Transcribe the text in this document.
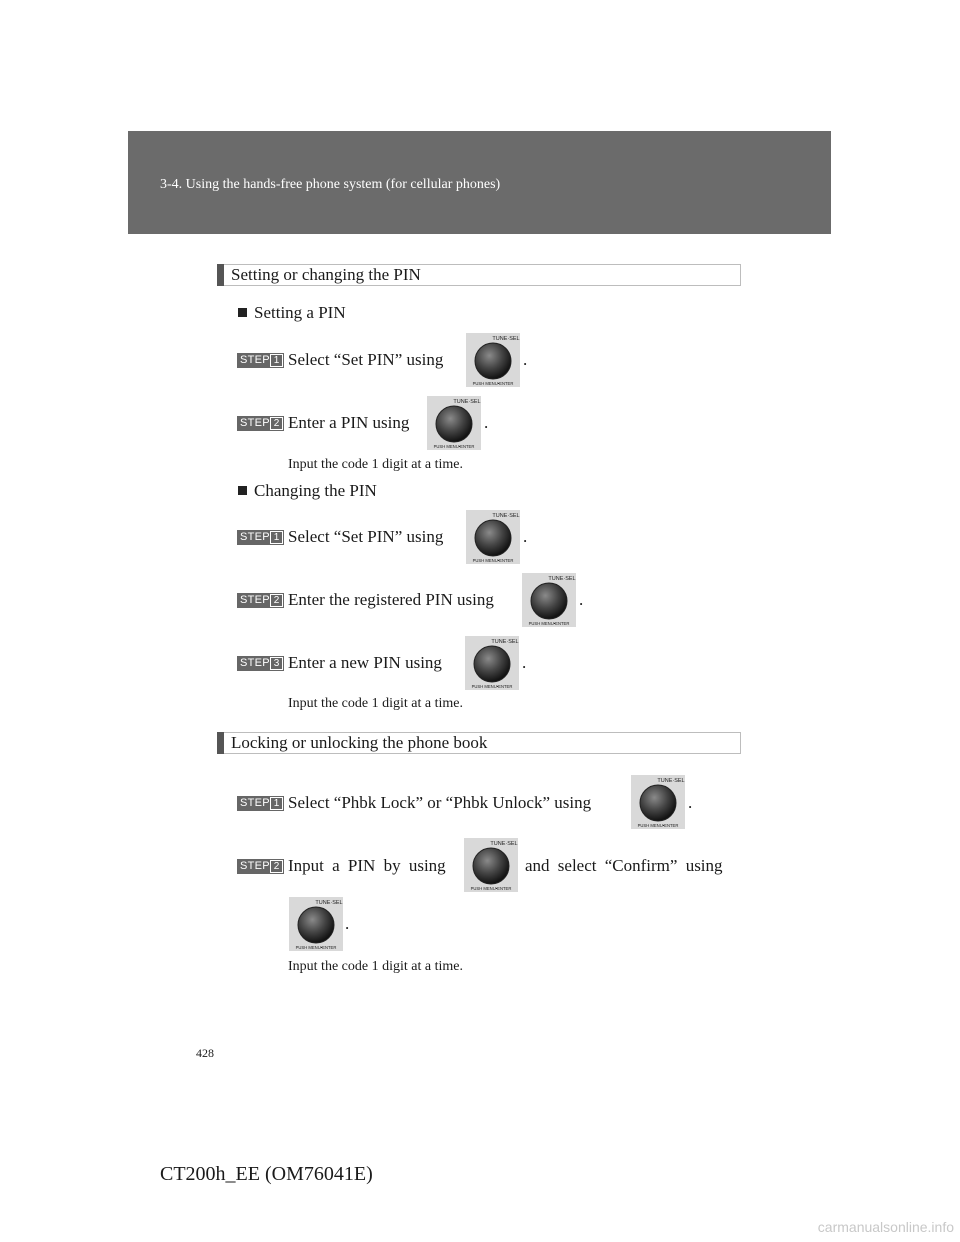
3-4. Using the hands-free phone system (for cellular phones)
Setting or changing the PIN
Setting a PIN
STEP 1 Select “Set PIN” using
TUNE·SEL
PUSH MENU•ENTER
.
STEP 2 Enter a PIN using
TUNE·SEL
PUSH MENU•ENTER
.
Input the code 1 digit at a time.
Changing the PIN
STEP 1 Select “Set PIN” using
TUNE·SEL
PUSH MENU•ENTER
.
STEP 2 Enter the registered PIN using
TUNE·SEL
PUSH MENU•ENTER
.
STEP 3 Enter a new PIN using
TUNE·SEL
PUSH MENU•ENTER
.
Input the code 1 digit at a time.
Locking or unlocking the phone book
STEP 1 Select “Phbk Lock” or “Phbk Unlock” using
TUNE·SEL
PUSH MENU•ENTER
.
STEP 2 Input a PIN by using
TUNE·SEL
PUSH MENU•ENTER
and select “Confirm” using
TUNE·SEL
PUSH MENU•ENTER
.
Input the code 1 digit at a time.
428
CT200h_EE (OM76041E)
carmanualsonline.info
